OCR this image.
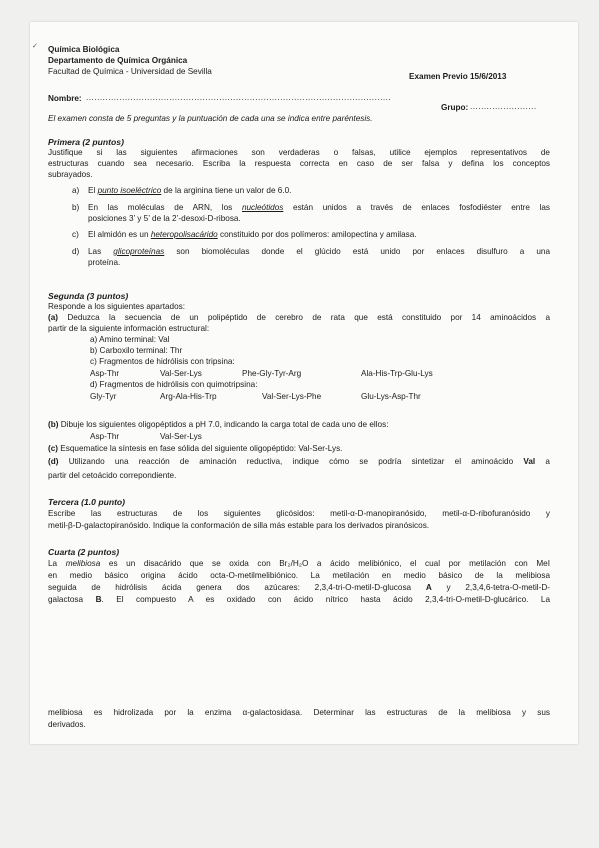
✓ Química Biológica
Departamento de Química Orgánica
Facultad de Química - Universidad de Sevilla
Examen Previo 15/6/2013
Nombre: ..............................................................................................................
Grupo: ........................
El examen consta de 5 preguntas y la puntuación de cada una se indica entre paréntesis.
Primera (2 puntos)
Justifique si las siguientes afirmaciones son verdaderas o falsas, utilice ejemplos representativos de
estructuras cuando sea necesario. Escriba la respuesta correcta en caso de ser falsa y defina los conceptos
subrayados.
a) El punto isoeléctrico de la arginina tiene un valor de 6.0.
b) En las moléculas de ARN, los nucleótidos están unidos a través de enlaces fosfodiéster entre las
posiciones 3’ y 5’ de la 2’-desoxi-D-ribosa.
c) El almidón es un heteropolisacárido constituido por dos polímeros: amilopectina y amilasa.
d) Las glicoproteínas son biomoléculas donde el glúcido está unido por enlaces disulfuro a una
proteína.
Segunda (3 puntos)
Responde a los siguientes apartados:
(a) Deduzca la secuencia de un polipéptido de cerebro de rata que está constituido por 14 aminoácidos a
partir de la siguiente información estructural:
a) Amino terminal: Val
b) Carboxilo terminal: Thr
c) Fragmentos de hidrólisis con tripsina:
Asp-Thr	Val-Ser-Lys	Phe-Gly-Tyr-Arg	Ala-His-Trp-Glu-Lys
d) Fragmentos de hidrólisis con quimotripsina:
Gly-Tyr	Arg-Ala-His-Trp	Val-Ser-Lys-Phe	Glu-Lys-Asp-Thr
(b) Dibuje los siguientes oligopéptidos a pH 7.0, indicando la carga total de cada uno de ellos:
Asp-Thr	Val-Ser-Lys
(c) Esquematice la síntesis en fase sólida del siguiente oligopéptido: Val-Ser-Lys.
(d) Utilizando una reacción de aminación reductiva, indique cómo se podría sintetizar el aminoácido Val a
partir del cetoácido correpondiente.
Tercera (1.0 punto)
Escribe las estructuras de los siguientes glicósidos: metil-α-D-manopiranósido, metil-α-D-ribofuranósido y
metil-β-D-galactopiranósido. Indique la conformación de silla más estable para los derivados piranósicos.
Cuarta (2 puntos)
La melibiosa es un disacárido que se oxida con Br₂/H₂O a ácido melibiónico, el cual por metilación con MeI
en medio básico origina ácido octa-O-metilmelibiónico. La metilación en medio básico de la melibiosa
seguida de hidrólisis ácida genera dos azúcares: 2,3,4-tri-O-metil-D-glucosa A y 2,3,4,6-tetra-O-metil-D-
galactosa B. El compuesto A es oxidado con ácido nítrico hasta ácido 2,3,4-tri-O-metil-D-glucárico. La
melibiosa es hidrolizada por la enzima α-galactosidasa. Determinar las estructuras de la melibiosa y sus
derivados.
